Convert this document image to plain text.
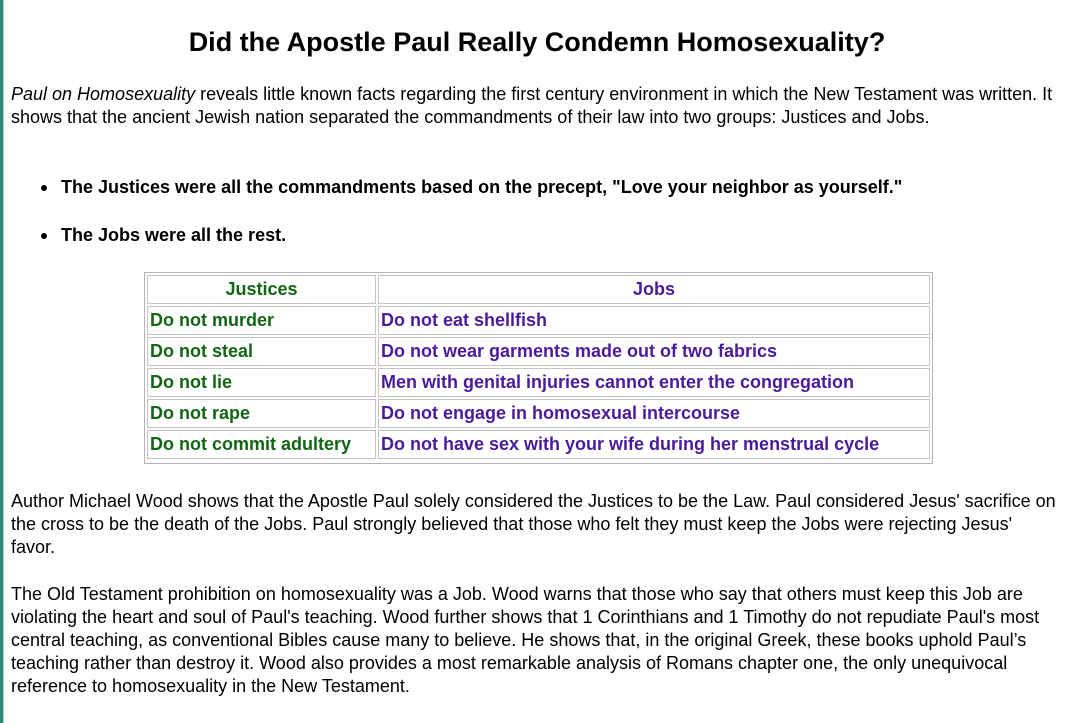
Did the Apostle Paul Really Condemn Homosexuality?

Paul on Homosexuality reveals little known facts regarding the first century environment in which the New Testament was written. It shows that the ancient Jewish nation separated the commandments of their law into two groups: Justices and Jobs.

The Justices were all the commandments based on the precept, "Love your neighbor as yourself."
The Jobs were all the rest.
Justices	Jobs
Do not murder	Do not eat shellfish
Do not steal	Do not wear garments made out of two fabrics
Do not lie	Men with genital injuries cannot enter the congregation
Do not rape	Do not engage in homosexual intercourse
Do not commit adultery	Do not have sex with your wife during her menstrual cycle

Author Michael Wood shows that the Apostle Paul solely considered the Justices to be the Law. Paul considered Jesus' sacrifice on the cross to be the death of the Jobs. Paul strongly believed that those who felt they must keep the Jobs were rejecting Jesus' favor.

The Old Testament prohibition on homosexuality was a Job. Wood warns that those who say that others must keep this Job are violating the heart and soul of Paul's teaching. Wood further shows that 1 Corinthians and 1 Timothy do not repudiate Paul's most central teaching, as conventional Bibles cause many to believe. He shows that, in the original Greek, these books uphold Paul’s teaching rather than destroy it. Wood also provides a most remarkable analysis of Romans chapter one, the only unequivocal reference to homosexuality in the New Testament.
